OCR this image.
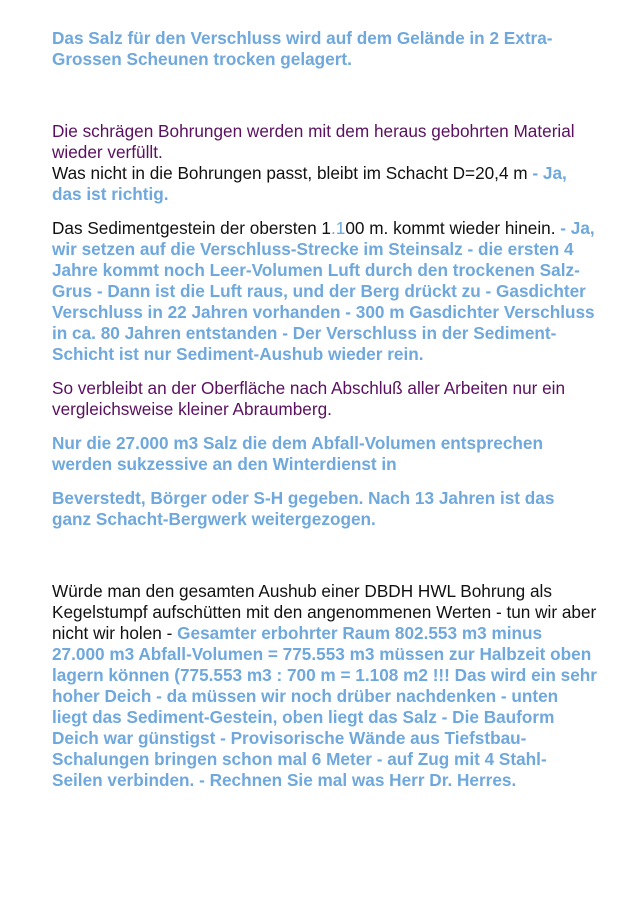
Das Salz für den Verschluss wird auf dem Gelände in 2 Extra-Grossen Scheunen trocken gelagert.

Die schrägen Bohrungen werden mit dem heraus gebohrten Material wieder verfüllt.

Was nicht in die Bohrungen passt, bleibt im Schacht D=20,4 m - Ja, das ist richtig.

Das Sedimentgestein der obersten 1.100 m. kommt wieder hinein. - Ja, wir setzen auf die Verschluss-Strecke im Steinsalz - die ersten 4 Jahre kommt noch Leer-Volumen Luft durch den trockenen Salz-Grus - Dann ist die Luft raus, und der Berg drückt zu - Gasdichter Verschluss in 22 Jahren vorhanden - 300 m Gasdichter Verschluss in ca. 80 Jahren entstanden - Der Verschluss in der Sediment-Schicht ist nur Sediment-Aushub wieder rein.

So verbleibt an der Oberfläche nach Abschluß aller Arbeiten nur ein vergleichsweise kleiner Abraumberg.

Nur die 27.000 m3 Salz die dem Abfall-Volumen entsprechen werden sukzessive an den Winterdienst in

Beverstedt, Börger oder S-H gegeben. Nach 13 Jahren ist das ganz Schacht-Bergwerk weitergezogen.

Würde man den gesamten Aushub einer DBDH HWL Bohrung als Kegelstumpf aufschütten mit den angenommenen Werten - tun wir aber nicht wir holen - Gesamter erbohrter Raum 802.553 m3 minus 27.000 m3 Abfall-Volumen = 775.553 m3 müssen zur Halbzeit oben lagern können (775.553 m3 : 700 m = 1.108 m2 !!! Das wird ein sehr hoher Deich - da müssen wir noch drüber nachdenken - unten liegt das Sediment-Gestein, oben liegt das Salz - Die Bauform Deich war günstigst - Provisorische Wände aus Tiefstbau-Schalungen bringen schon mal 6 Meter - auf Zug mit 4 Stahl-Seilen verbinden. - Rechnen Sie mal was Herr Dr. Herres.
